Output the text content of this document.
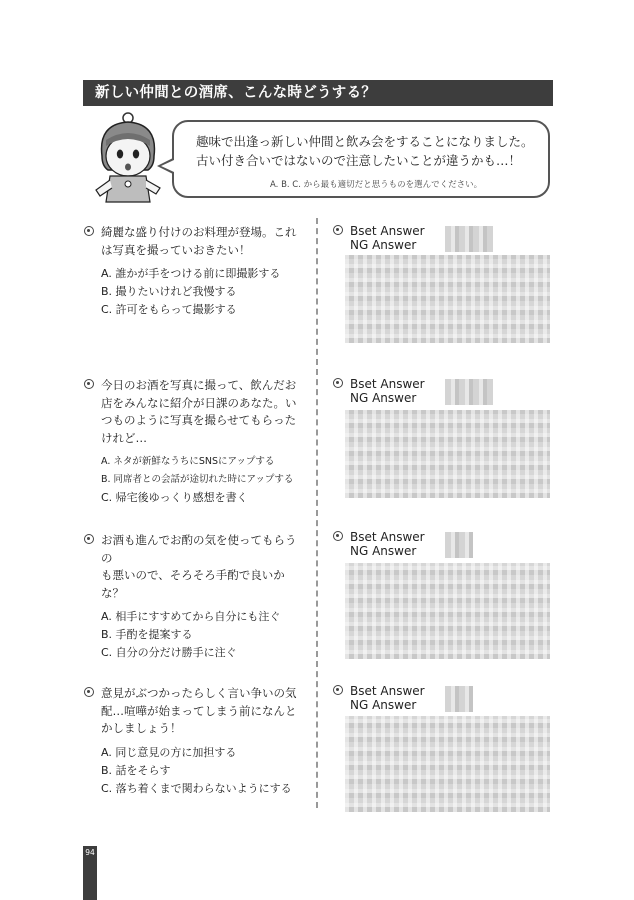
新しい仲間との酒席、こんな時どうする？
趣味で出逢っ新しい仲間と飲み会をすることになりました。
古い付き合いではないので注意したいことが違うかも…！
A. B. C. から最も適切だと思うものを選んでください。
綺麗な盛り付けのお料理が登場。これ
は写真を撮っていおきたい！
A. 誰かが手をつける前に即撮影する
B. 撮りたいけれど我慢する
C. 許可をもらって撮影する
今日のお酒を写真に撮って、飲んだお
店をみんなに紹介が日課のあなた。い
つものように写真を撮らせてもらった
けれど…
A. ネタが新鮮なうちにSNSにアップする
B. 同席者との会話が途切れた時にアップする
C. 帰宅後ゆっくり感想を書く
お酒も進んでお酌の気を使ってもらうの
も悪いので、そろそろ手酌で良いかな？
A. 相手にすすめてから自分にも注ぐ
B. 手酌を提案する
C. 自分の分だけ勝手に注ぐ
意見がぶつかったらしく言い争いの気
配…喧嘩が始まってしまう前になんと
かしましょう！
A. 同じ意見の方に加担する
B. 話をそらす
C. 落ち着くまで関わらないようにする
Bset Answer
NG Answer
Bset Answer
NG Answer
Bset Answer
NG Answer
Bset Answer
NG Answer
94
